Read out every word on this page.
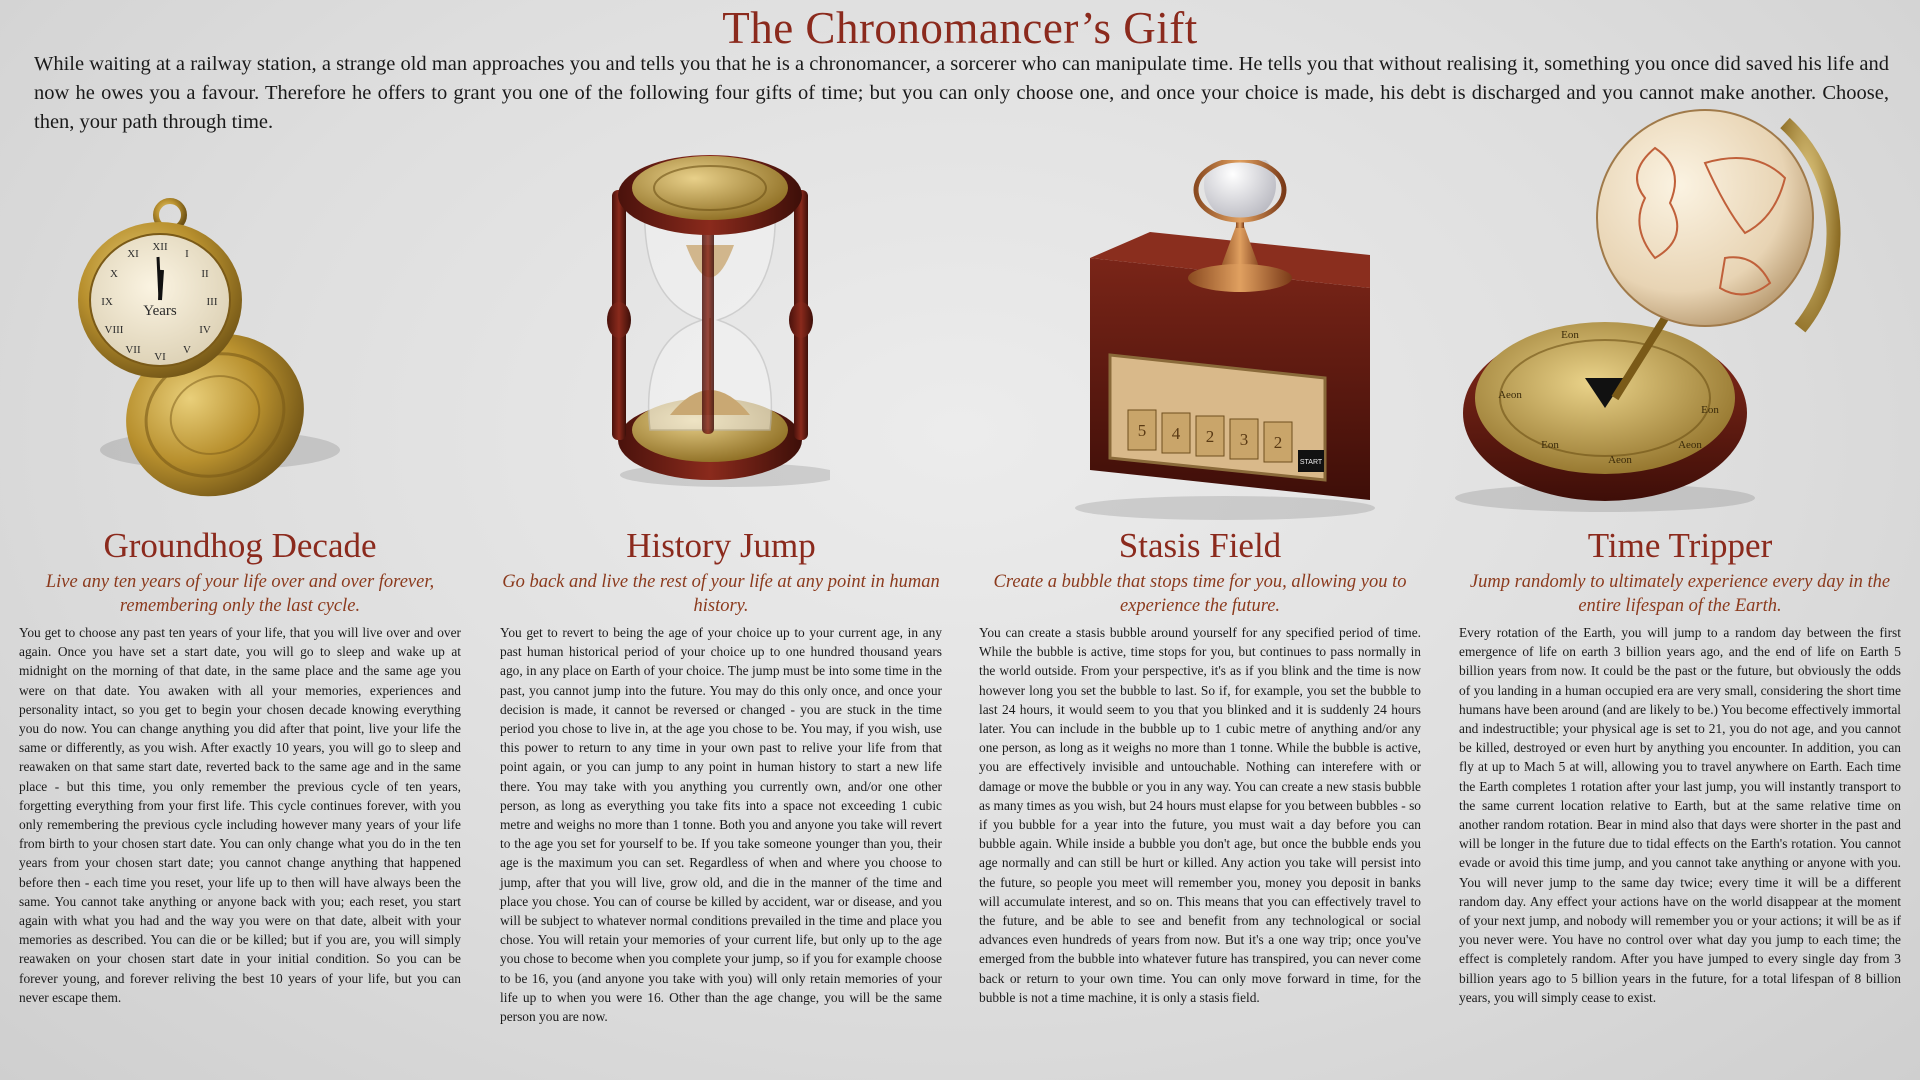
The Chronomancer’s Gift

While waiting at a railway station, a strange old man approaches you and tells you that he is a chronomancer, a sorcerer who can manipulate time. He tells you that without realising it, something you once did saved his life and now he owes you a favour. Therefore he offers to grant you one of the following four gifts of time; but you can only choose one, and once your choice is made, his debt is discharged and you cannot make another. Choose, then, your path through time.

XII
I
II
III
IV
V
VI
VII
VIII
IX
X
XI
Years
5 4 2 3 2
START
Eon
Aeon
Eon
Aeon
Aeon
Eon
Groundhog Decade

Live any ten years of your life over and over forever, remembering only the last cycle.

You get to choose any past ten years of your life, that you will live over and over again. Once you have set a start date, you will go to sleep and wake up at midnight on the morning of that date, in the same place and the same age you were on that date. You awaken with all your memories, experiences and personality intact, so you get to begin your chosen decade knowing everything you do now. You can change anything you did after that point, live your life the same or differently, as you wish. After exactly 10 years, you will go to sleep and reawaken on that same start date, reverted back to the same age and in the same place - but this time, you only remember the previous cycle of ten years, forgetting everything from your first life. This cycle continues forever, with you only remembering the previous cycle including however many years of your life from birth to your chosen start date. You can only change what you do in the ten years from your chosen start date; you cannot change anything that happened before then - each time you reset, your life up to then will have always been the same. You cannot take anything or anyone back with you; each reset, you start again with what you had and the way you were on that date, albeit with your memories as described. You can die or be killed; but if you are, you will simply reawaken on your chosen start date in your initial condition. So you can be forever young, and forever reliving the best 10 years of your life, but you can never escape them.

History Jump

Go back and live the rest of your life at any point in human history.

You get to revert to being the age of your choice up to your current age, in any past human historical period of your choice up to one hundred thousand years ago, in any place on Earth of your choice. The jump must be into some time in the past, you cannot jump into the future. You may do this only once, and once your decision is made, it cannot be reversed or changed - you are stuck in the time period you chose to live in, at the age you chose to be. You may, if you wish, use this power to return to any time in your own past to relive your life from that point again, or you can jump to any point in human history to start a new life there. You may take with you anything you currently own, and/or one other person, as long as everything you take fits into a space not exceeding 1 cubic metre and weighs no more than 1 tonne. Both you and anyone you take will revert to the age you set for yourself to be. If you take someone younger than you, their age is the maximum you can set. Regardless of when and where you choose to jump, after that you will live, grow old, and die in the manner of the time and place you chose. You can of course be killed by accident, war or disease, and you will be subject to whatever normal conditions prevailed in the time and place you chose. You will retain your memories of your current life, but only up to the age you chose to become when you complete your jump, so if you for example choose to be 16, you (and anyone you take with you) will only retain memories of your life up to when you were 16. Other than the age change, you will be the same person you are now.

Stasis Field

Create a bubble that stops time for you, allowing you to experience the future.

You can create a stasis bubble around yourself for any specified period of time. While the bubble is active, time stops for you, but continues to pass normally in the world outside. From your perspective, it's as if you blink and the time is now however long you set the bubble to last. So if, for example, you set the bubble to last 24 hours, it would seem to you that you blinked and it is suddenly 24 hours later. You can include in the bubble up to 1 cubic metre of anything and/or any one person, as long as it weighs no more than 1 tonne. While the bubble is active, you are effectively invisible and untouchable. Nothing can interefere with or damage or move the bubble or you in any way. You can create a new stasis bubble as many times as you wish, but 24 hours must elapse for you between bubbles - so if you bubble for a year into the future, you must wait a day before you can bubble again. While inside a bubble you don't age, but once the bubble ends you age normally and can still be hurt or killed. Any action you take will persist into the future, so people you meet will remember you, money you deposit in banks will accumulate interest, and so on. This means that you can effectively travel to the future, and be able to see and benefit from any technological or social advances even hundreds of years from now. But it's a one way trip; once you've emerged from the bubble into whatever future has transpired, you can never come back or return to your own time. You can only move forward in time, for the bubble is not a time machine, it is only a stasis field.

Time Tripper

Jump randomly to ultimately experience every day in the entire lifespan of the Earth.

Every rotation of the Earth, you will jump to a random day between the first emergence of life on earth 3 billion years ago, and the end of life on Earth 5 billion years from now. It could be the past or the future, but obviously the odds of you landing in a human occupied era are very small, considering the short time humans have been around (and are likely to be.) You become effectively immortal and indestructible; your physical age is set to 21, you do not age, and you cannot be killed, destroyed or even hurt by anything you encounter. In addition, you can fly at up to Mach 5 at will, allowing you to travel anywhere on Earth. Each time the Earth completes 1 rotation after your last jump, you will instantly transport to the same current location relative to Earth, but at the same relative time on another random rotation. Bear in mind also that days were shorter in the past and will be longer in the future due to tidal effects on the Earth's rotation. You cannot evade or avoid this time jump, and you cannot take anything or anyone with you. You will never jump to the same day twice; every time it will be a different random day. Any effect your actions have on the world disappear at the moment of your next jump, and nobody will remember you or your actions; it will be as if you never were. You have no control over what day you jump to each time; the effect is completely random. After you have jumped to every single day from 3 billion years ago to 5 billion years in the future, for a total lifespan of 8 billion years, you will simply cease to exist.
